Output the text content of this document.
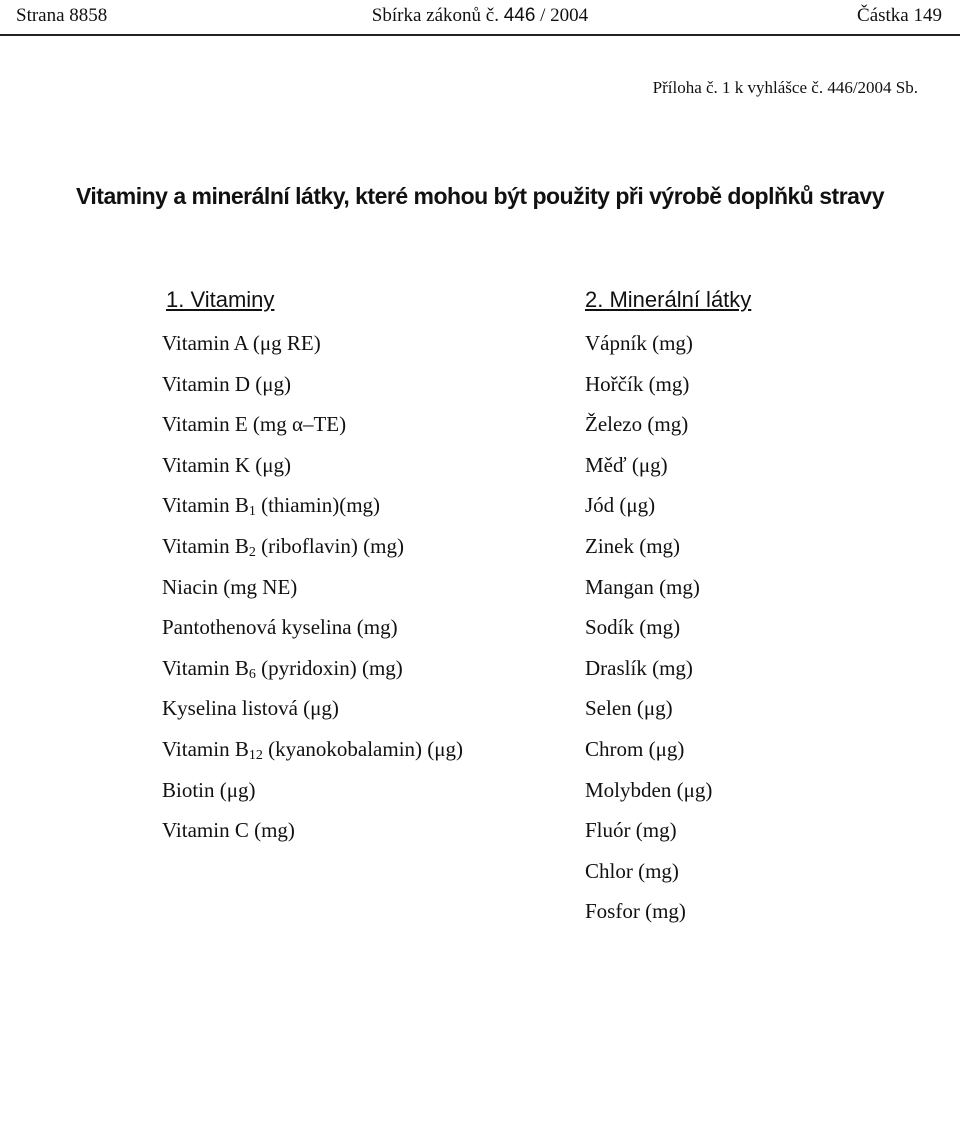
Strana 8858	Sbírka zákonů č. 446 / 2004	Částka 149
Příloha č. 1 k vyhlášce č. 446/2004 Sb.
Vitaminy a minerální látky, které mohou být použity při výrobě doplňků stravy
1. Vitaminy
Vitamin A (μg RE)
Vitamin D (μg)
Vitamin E (mg α–TE)
Vitamin K (μg)
Vitamin $B_1$ (thiamin)(mg)
Vitamin $B_2$ (riboflavin) (mg)
Niacin (mg NE)
Pantothenová kyselina (mg)
Vitamin $B_6$ (pyridoxin) (mg)
Kyselina listová (μg)
Vitamin $B_{12}$ (kyanokobalamin) (μg)
Biotin (μg)
Vitamin C (mg)
2. Minerální látky
Vápník (mg)
Hořčík (mg)
Železo (mg)
Měď (μg)
Jód (μg)
Zinek (mg)
Mangan (mg)
Sodík (mg)
Draslík (mg)
Selen (μg)
Chrom (μg)
Molybden (μg)
Fluór (mg)
Chlor (mg)
Fosfor (mg)
